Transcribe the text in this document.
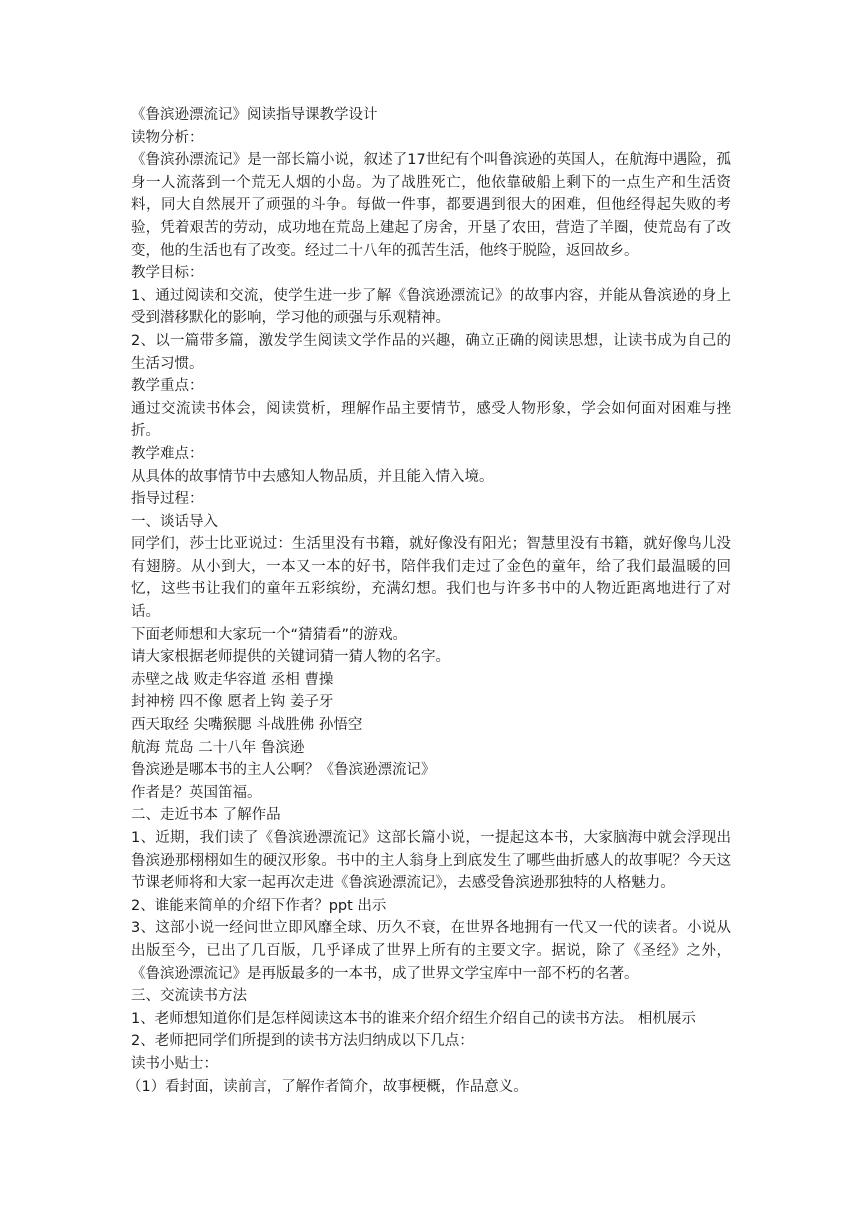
《鲁滨逊漂流记》阅读指导课教学设计

读物分析：

《鲁滨孙漂流记》是一部长篇小说，叙述了17世纪有个叫鲁滨逊的英国人，在航海中遇险，孤身一人流落到一个荒无人烟的小岛。为了战胜死亡，他依靠破船上剩下的一点生产和生活资料，同大自然展开了顽强的斗争。每做一件事，都要遇到很大的困难，但他经得起失败的考验，凭着艰苦的劳动，成功地在荒岛上建起了房舍，开垦了农田，营造了羊圈，使荒岛有了改变，他的生活也有了改变。经过二十八年的孤苦生活，他终于脱险，返回故乡。

教学目标：

1、通过阅读和交流，使学生进一步了解《鲁滨逊漂流记》的故事内容，并能从鲁滨逊的身上受到潜移默化的影响，学习他的顽强与乐观精神。

2、以一篇带多篇，激发学生阅读文学作品的兴趣，确立正确的阅读思想，让读书成为自己的生活习惯。

教学重点：

通过交流读书体会，阅读赏析，理解作品主要情节，感受人物形象，学会如何面对困难与挫折。

教学难点：

从具体的故事情节中去感知人物品质，并且能入情入境。

指导过程：

一、谈话导入

同学们，莎士比亚说过：生活里没有书籍，就好像没有阳光；智慧里没有书籍，就好像鸟儿没有翅膀。从小到大，一本又一本的好书，陪伴我们走过了金色的童年，给了我们最温暖的回忆，这些书让我们的童年五彩缤纷，充满幻想。我们也与许多书中的人物近距离地进行了对话。

下面老师想和大家玩一个“猜猜看”的游戏。

请大家根据老师提供的关键词猜一猜人物的名字。

赤壁之战 败走华容道 丞相 曹操

封神榜 四不像 愿者上钩 姜子牙

西天取经 尖嘴猴腮 斗战胜佛 孙悟空

航海 荒岛 二十八年 鲁滨逊

鲁滨逊是哪本书的主人公啊？《鲁滨逊漂流记》

作者是？英国笛福。

二、走近书本 了解作品

1、近期，我们读了《鲁滨逊漂流记》这部长篇小说，一提起这本书，大家脑海中就会浮现出鲁滨逊那栩栩如生的硬汉形象。书中的主人翁身上到底发生了哪些曲折感人的故事呢？今天这节课老师将和大家一起再次走进《鲁滨逊漂流记》，去感受鲁滨逊那独特的人格魅力。

2、谁能来简单的介绍下作者？ppt 出示

3、这部小说一经问世立即风靡全球、历久不衰，在世界各地拥有一代又一代的读者。小说从出版至今，已出了几百版，几乎译成了世界上所有的主要文字。据说，除了《圣经》之外，《鲁滨逊漂流记》是再版最多的一本书，成了世界文学宝库中一部不朽的名著。

三、交流读书方法

1、老师想知道你们是怎样阅读这本书的谁来介绍介绍生介绍自己的读书方法。 相机展示

2、老师把同学们所提到的读书方法归纳成以下几点：

读书小贴士：

（1）看封面，读前言，了解作者简介，故事梗概，作品意义。
